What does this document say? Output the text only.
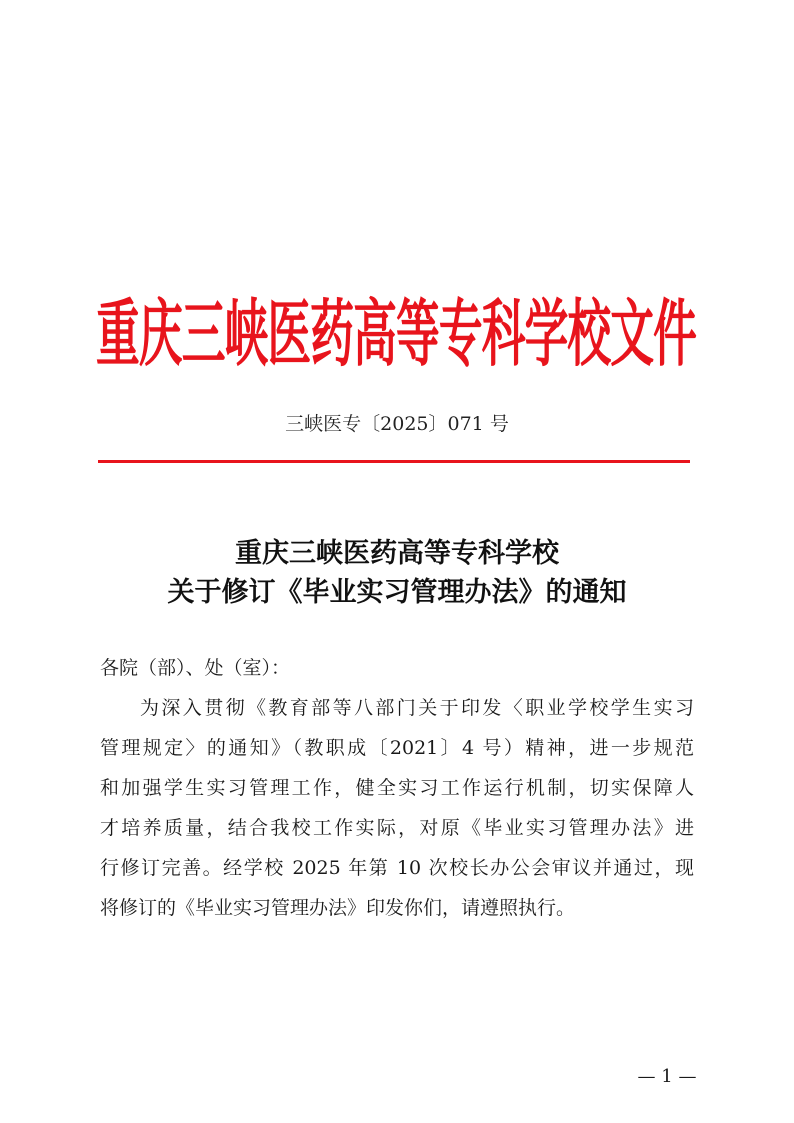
重庆三峡医药高等专科学校文件
三峡医专〔2025〕071 号
重庆三峡医药高等专科学校
关于修订《毕业实习管理办法》的通知
各院（部）、处（室）：
为深入贯彻《教育部等八部门关于印发〈职业学校学生实习
管理规定〉的通知》（教职成〔2021〕4 号）精神，进一步规范
和加强学生实习管理工作，健全实习工作运行机制，切实保障人
才培养质量，结合我校工作实际，对原《毕业实习管理办法》进
行修订完善。经学校 2025 年第 10 次校长办公会审议并通过，现
将修订的《毕业实习管理办法》印发你们，请遵照执行。
— 1 —
